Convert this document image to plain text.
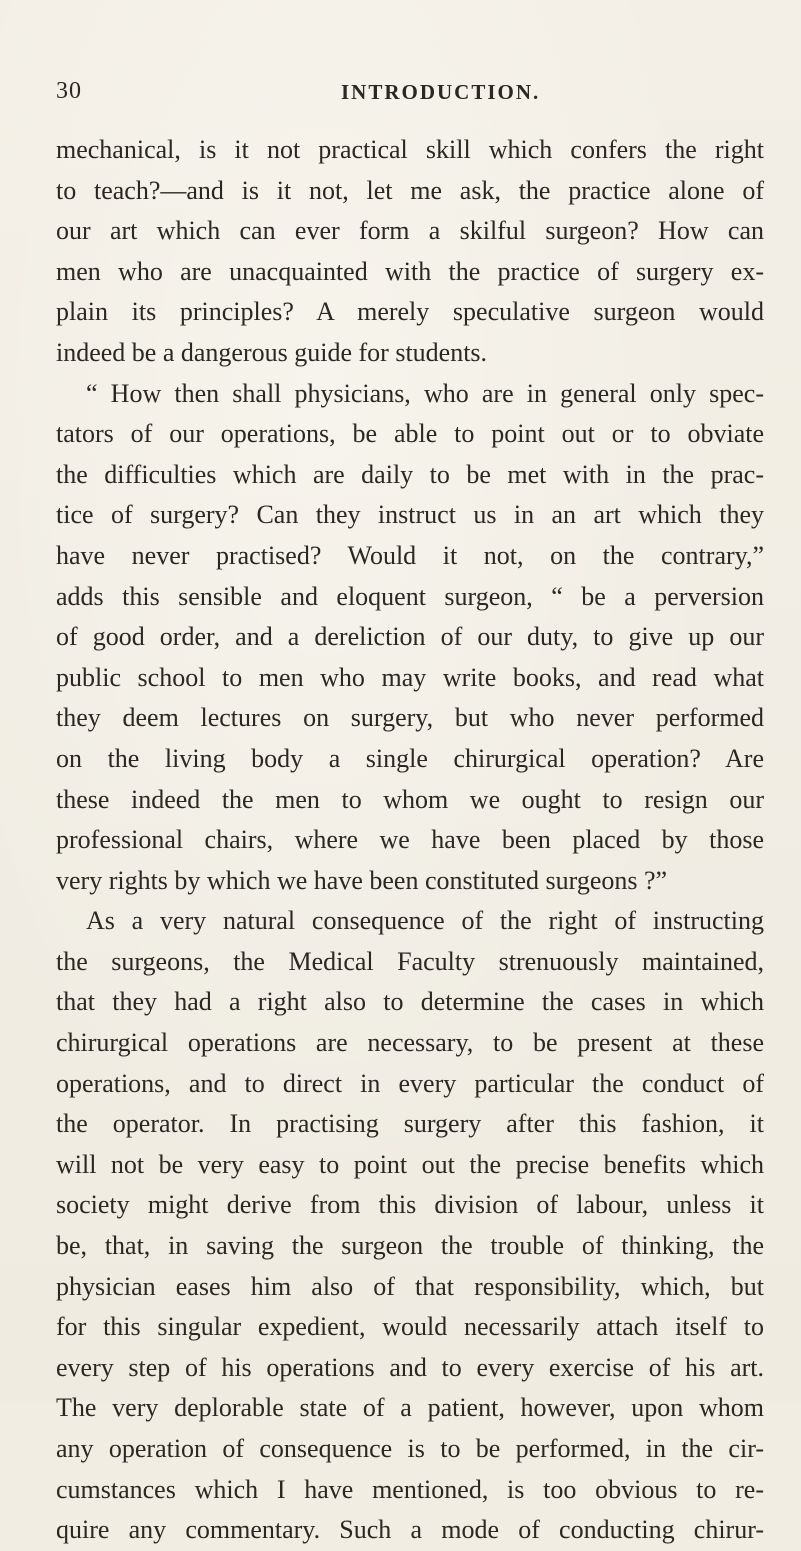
30	INTRODUCTION.
mechanical, is it not practical skill which confers the right
to teach?—and is it not, let me ask, the practice alone of
our art which can ever form a skilful surgeon? How can
men who are unacquainted with the practice of surgery ex-
plain its principles? A merely speculative surgeon would
indeed be a dangerous guide for students.
“ How then shall physicians, who are in general only spec-
tators of our operations, be able to point out or to obviate
the difficulties which are daily to be met with in the prac-
tice of surgery? Can they instruct us in an art which they
have never practised? Would it not, on the contrary,”
adds this sensible and eloquent surgeon, “ be a perversion
of good order, and a dereliction of our duty, to give up our
public school to men who may write books, and read what
they deem lectures on surgery, but who never performed
on the living body a single chirurgical operation? Are
these indeed the men to whom we ought to resign our
professional chairs, where we have been placed by those
very rights by which we have been constituted surgeons ?”
As a very natural consequence of the right of instructing
the surgeons, the Medical Faculty strenuously maintained,
that they had a right also to determine the cases in which
chirurgical operations are necessary, to be present at these
operations, and to direct in every particular the conduct of
the operator. In practising surgery after this fashion, it
will not be very easy to point out the precise benefits which
society might derive from this division of labour, unless it
be, that, in saving the surgeon the trouble of thinking, the
physician eases him also of that responsibility, which, but
for this singular expedient, would necessarily attach itself to
every step of his operations and to every exercise of his art.
The very deplorable state of a patient, however, upon whom
any operation of consequence is to be performed, in the cir-
cumstances which I have mentioned, is too obvious to re-
quire any commentary. Such a mode of conducting chirur-
